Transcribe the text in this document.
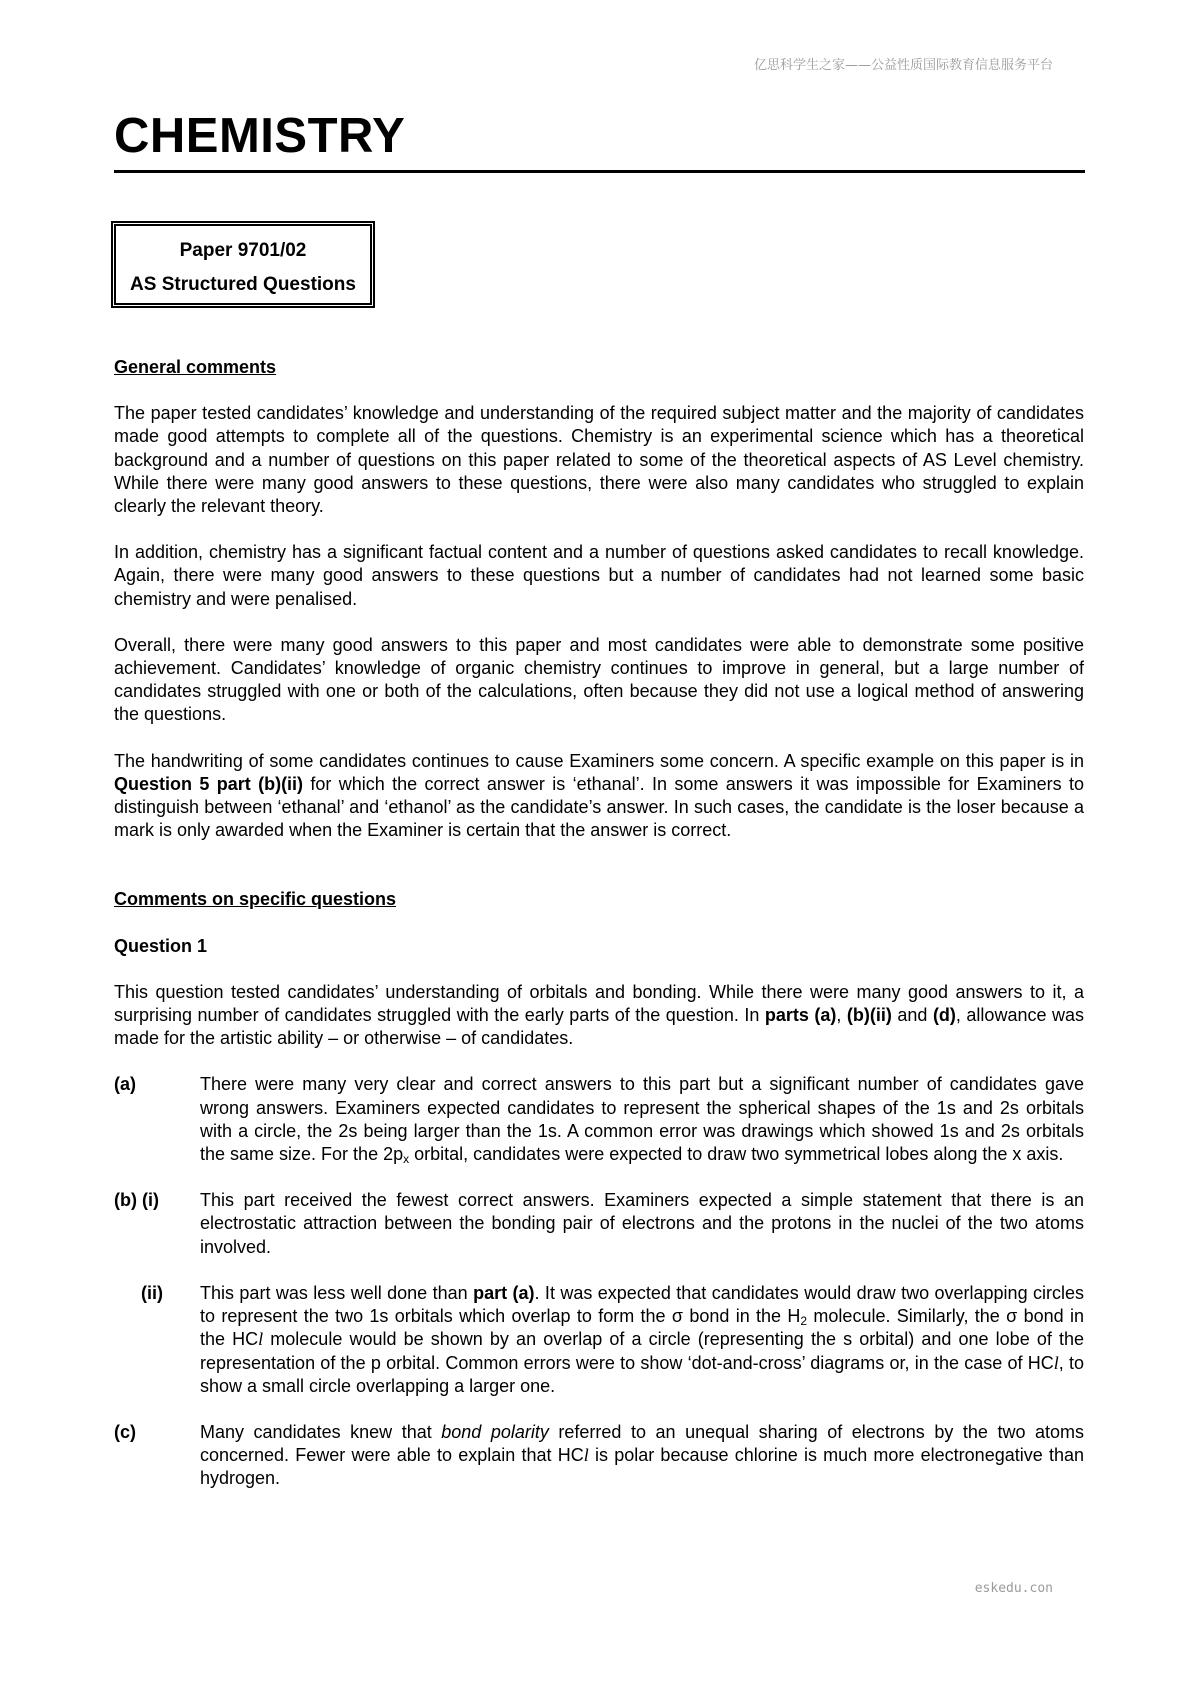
亿思科学生之家——公益性质国际教育信息服务平台
CHEMISTRY
Paper 9701/02
AS Structured Questions

General comments

The paper tested candidates’ knowledge and understanding of the required subject matter and the majority of candidates made good attempts to complete all of the questions. Chemistry is an experimental science which has a theoretical background and a number of questions on this paper related to some of the theoretical aspects of AS Level chemistry. While there were many good answers to these questions, there were also many candidates who struggled to explain clearly the relevant theory.

In addition, chemistry has a significant factual content and a number of questions asked candidates to recall knowledge. Again, there were many good answers to these questions but a number of candidates had not learned some basic chemistry and were penalised.

Overall, there were many good answers to this paper and most candidates were able to demonstrate some positive achievement. Candidates’ knowledge of organic chemistry continues to improve in general, but a large number of candidates struggled with one or both of the calculations, often because they did not use a logical method of answering the questions.

The handwriting of some candidates continues to cause Examiners some concern. A specific example on this paper is in Question 5 part (b)(ii) for which the correct answer is ‘ethanal’. In some answers it was impossible for Examiners to distinguish between ‘ethanal’ and ‘ethanol’ as the candidate’s answer. In such cases, the candidate is the loser because a mark is only awarded when the Examiner is certain that the answer is correct.

Comments on specific questions

Question 1

This question tested candidates’ understanding of orbitals and bonding. While there were many good answers to it, a surprising number of candidates struggled with the early parts of the question. In parts (a), (b)(ii) and (d), allowance was made for the artistic ability – or otherwise – of candidates.

(a)	There were many very clear and correct answers to this part but a significant number of candidates gave wrong answers. Examiners expected candidates to represent the spherical shapes of the 1s and 2s orbitals with a circle, the 2s being larger than the 1s. A common error was drawings which showed 1s and 2s orbitals the same size. For the $2p_x$ orbital, candidates were expected to draw two symmetrical lobes along the x axis.

(b) (i) This part received the fewest correct answers. Examiners expected a simple statement that there is an electrostatic attraction between the bonding pair of electrons and the protons in the nuclei of the two atoms involved.

(ii) This part was less well done than part (a). It was expected that candidates would draw two overlapping circles to represent the two 1s orbitals which overlap to form the σ bond in the $H_2$ molecule. Similarly, the σ bond in the HCl molecule would be shown by an overlap of a circle (representing the s orbital) and one lobe of the representation of the p orbital. Common errors were to show ‘dot-and-cross’ diagrams or, in the case of HCl, to show a small circle overlapping a larger one.

(c)	Many candidates knew that bond polarity referred to an unequal sharing of electrons by the two atoms concerned. Fewer were able to explain that HCl is polar because chlorine is much more electronegative than hydrogen.

eskedu.con
